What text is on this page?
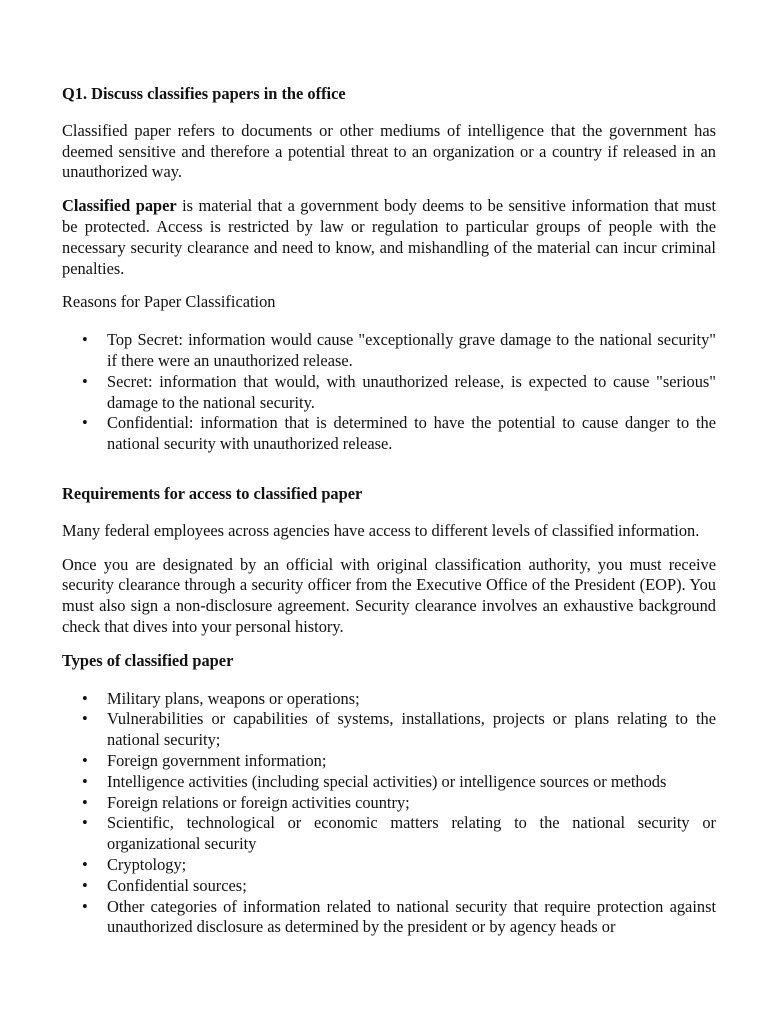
Q1. Discuss classifies papers in the office

Classified paper refers to documents or other mediums of intelligence that the government has deemed sensitive and therefore a potential threat to an organization or a country if released in an unauthorized way.

Classified paper is material that a government body deems to be sensitive information that must be protected. Access is restricted by law or regulation to particular groups of people with the necessary security clearance and need to know, and mishandling of the material can incur criminal penalties.

Reasons for Paper Classification

• Top Secret: information would cause "exceptionally grave damage to the national security" if there were an unauthorized release.
• Secret: information that would, with unauthorized release, is expected to cause "serious" damage to the national security.
• Confidential: information that is determined to have the potential to cause danger to the national security with unauthorized release.

Requirements for access to classified paper

Many federal employees across agencies have access to different levels of classified information.

Once you are designated by an official with original classification authority, you must receive security clearance through a security officer from the Executive Office of the President (EOP). You must also sign a non-disclosure agreement. Security clearance involves an exhaustive background check that dives into your personal history.

Types of classified paper

• Military plans, weapons or operations;
• Vulnerabilities or capabilities of systems, installations, projects or plans relating to the national security;
• Foreign government information;
• Intelligence activities (including special activities) or intelligence sources or methods
• Foreign relations or foreign activities country;
• Scientific, technological or economic matters relating to the national security or organizational security
• Cryptology;
• Confidential sources;
• Other categories of information related to national security that require protection against unauthorized disclosure as determined by the president or by agency heads or
